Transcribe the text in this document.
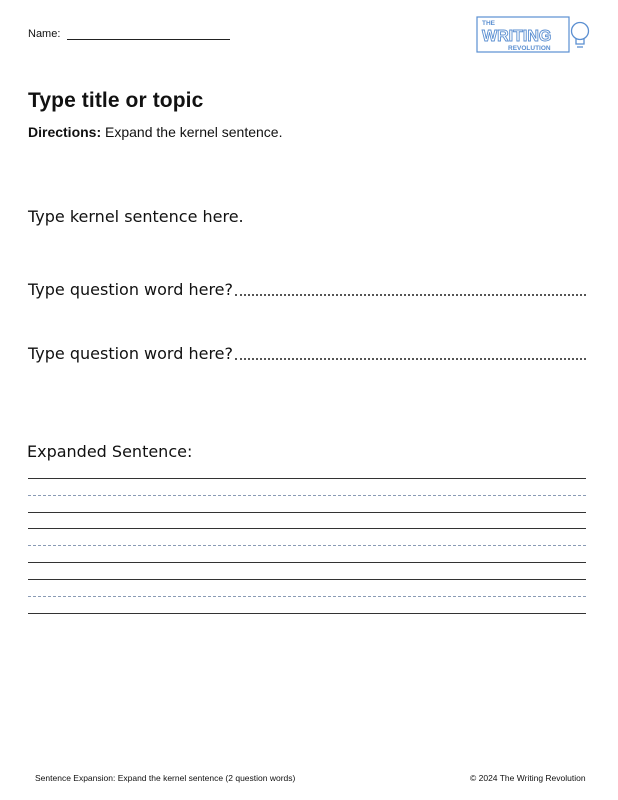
Name:
THE
WRITING
REVOLUTION
Type title or topic
Directions: Expand the kernel sentence.
Type kernel sentence here.
Type question word here?
Type question word here?
Expanded Sentence:
Sentence Expansion: Expand the kernel sentence (2 question words)	© 2024 The Writing Revolution
